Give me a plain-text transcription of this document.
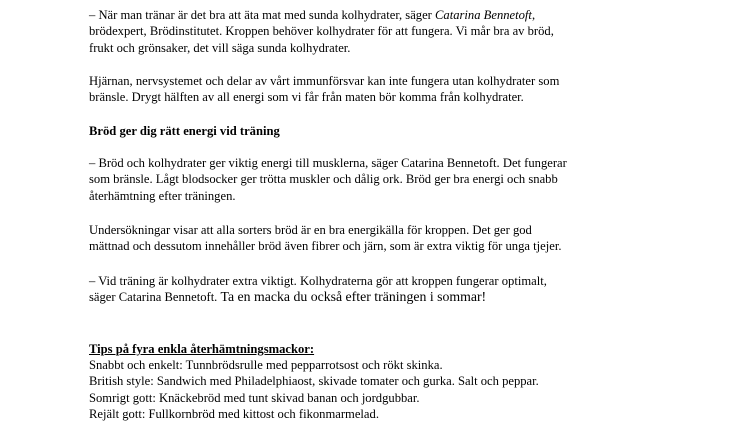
– När man tränar är det bra att äta mat med sunda kolhydrater, säger Catarina Bennetoft,

brödexpert, Brödinstitutet. Kroppen behöver kolhydrater för att fungera. Vi mår bra av bröd,

frukt och grönsaker, det vill säga sunda kolhydrater.

Hjärnan, nervsystemet och delar av vårt immunförsvar kan inte fungera utan kolhydrater som

bränsle. Drygt hälften av all energi som vi får från maten bör komma från kolhydrater.

Bröd ger dig rätt energi vid träning

– Bröd och kolhydrater ger viktig energi till musklerna, säger Catarina Bennetoft. Det fungerar

som bränsle. Lågt blodsocker ger trötta muskler och dålig ork. Bröd ger bra energi och snabb

återhämtning efter träningen.

Undersökningar visar att alla sorters bröd är en bra energikälla för kroppen. Det ger god

mättnad och dessutom innehåller bröd även fibrer och järn, som är extra viktig för unga tjejer.

– Vid träning är kolhydrater extra viktigt. Kolhydraterna gör att kroppen fungerar optimalt,

säger Catarina Bennetoft. Ta en macka du också efter träningen i sommar!

Tips på fyra enkla återhämtningsmackor:

Snabbt och enkelt: Tunnbrödsrulle med pepparrotsost och rökt skinka.

British style: Sandwich med Philadelphiaost, skivade tomater och gurka. Salt och peppar.

Somrigt gott: Knäckebröd med tunt skivad banan och jordgubbar.

Rejält gott: Fullkornbröd med kittost och fikonmarmelad.
